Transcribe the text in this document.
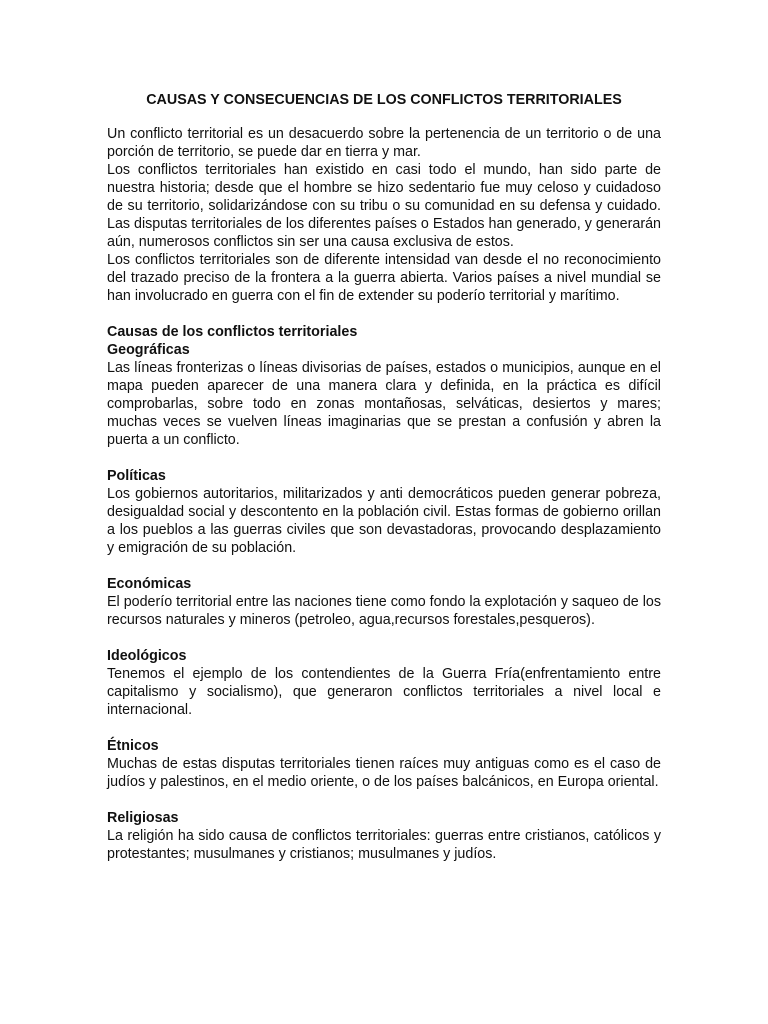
CAUSAS Y CONSECUENCIAS DE LOS CONFLICTOS TERRITORIALES

Un conflicto territorial es un desacuerdo sobre la pertenencia de un territorio o de una porción de territorio, se puede dar en tierra y mar.

Los conflictos territoriales han existido en casi todo el mundo, han sido parte de nuestra historia; desde que el hombre se hizo sedentario fue muy celoso y cuidadoso de su territorio, solidarizándose con su tribu o su comunidad en su defensa y cuidado. Las disputas territoriales de los diferentes países o Estados han generado, y generarán aún, numerosos conflictos sin ser una causa exclusiva de estos.

Los conflictos territoriales son de diferente intensidad van desde el no reconocimiento del trazado preciso de la frontera a la guerra abierta. Varios países a nivel mundial se han involucrado en guerra con el fin de extender su poderío territorial y marítimo.

Causas de los conflictos territoriales

Geográficas

Las líneas fronterizas o líneas divisorias de países, estados o municipios, aunque en el mapa pueden aparecer de una manera clara y definida, en la práctica es difícil comprobarlas, sobre todo en zonas montañosas, selváticas, desiertos y mares; muchas veces se vuelven líneas imaginarias que se prestan a confusión y abren la puerta a un conflicto.

Políticas

Los gobiernos autoritarios, militarizados y anti democráticos pueden generar pobreza, desigualdad social y descontento en la población civil. Estas formas de gobierno orillan a los pueblos a las guerras civiles que son devastadoras, provocando desplazamiento y emigración de su población.

Económicas

El poderío territorial entre las naciones tiene como fondo la explotación y saqueo de los recursos naturales y mineros (petroleo, agua,recursos forestales,pesqueros).

Ideológicos

Tenemos el ejemplo de los contendientes de la Guerra Fría(enfrentamiento entre capitalismo y socialismo), que generaron conflictos territoriales a nivel local e internacional.

Étnicos

Muchas de estas disputas territoriales tienen raíces muy antiguas como es el caso de judíos y palestinos, en el medio oriente, o de los países balcánicos, en Europa oriental.

Religiosas

La religión ha sido causa de conflictos territoriales: guerras entre cristianos, católicos y protestantes; musulmanes y cristianos; musulmanes y judíos.
